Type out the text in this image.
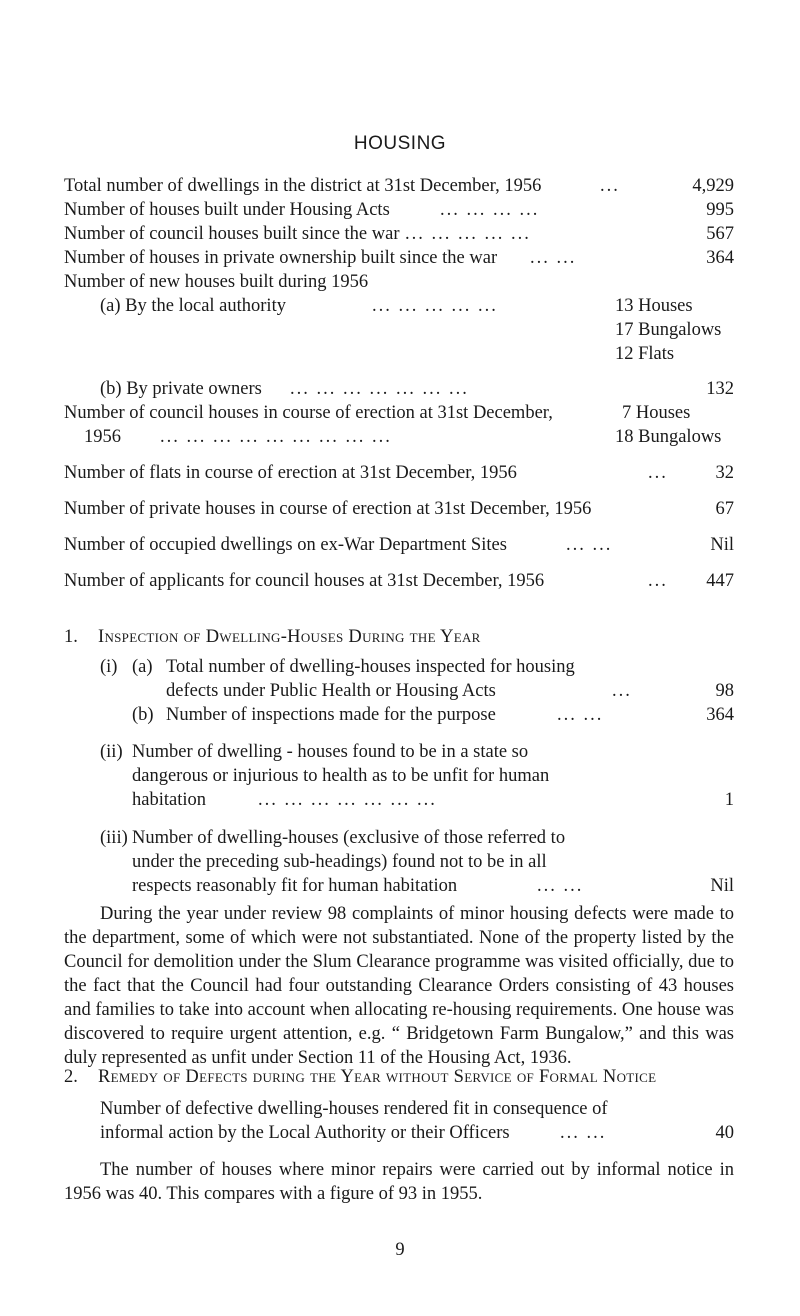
HOUSING
Total number of dwellings in the district at 31st December, 1956	...	4,929
Number of houses built under Housing Acts	... ... ... ...	995
Number of council houses built since the war ... ... ... ... ...	567
Number of houses in private ownership built since the war ... ...	364
Number of new houses built during 1956
(a) By the local authority	... ... ... ... ...	13 Houses
17 Bungalows
12 Flats
(b) By private owners ... ... ... ... ... ... ...	132
Number of council houses in course of erection at 31st December,	7 Houses
1956 ... ... ... ... ... ... ... ... ...	18 Bungalows
Number of flats in course of erection at 31st December, 1956	...	32
Number of private houses in course of erection at 31st December, 1956	67
Number of occupied dwellings on ex-War Department Sites	... ...	Nil
Number of applicants for council houses at 31st December, 1956	... 447
1. Inspection of Dwelling-Houses During the Year
(i) (a) Total number of dwelling-houses inspected for housing
defects under Public Health or Housing Acts	...	98
(b) Number of inspections made for the purpose	... ...	364
(ii) Number of dwelling - houses found to be in a state so
dangerous or injurious to health as to be unfit for human
habitation	... ... ... ... ... ... ...	1
(iii) Number of dwelling-houses (exclusive of those referred to
under the preceding sub-headings) found not to be in all
respects reasonably fit for human habitation	... ...	Nil
During the year under review 98 complaints of minor housing defects were made to the department, some of which were not substantiated. None of the property listed by the Council for demolition under the Slum Clearance programme was visited officially, due to the fact that the Council had four outstanding Clearance Orders consisting of 43 houses and families to take into account when allocating re-housing requirements. One house was discovered to require urgent attention, e.g. “ Bridgetown Farm Bungalow,” and this was duly represented as unfit under Section 11 of the Housing Act, 1936.
9
2. Remedy of Defects during the Year without Service of Formal Notice
Number of defective dwelling-houses rendered fit in consequence of
informal action by the Local Authority or their Officers	... ...	40
The number of houses where minor repairs were carried out by informal notice in 1956 was 40. This compares with a figure of 93 in 1955.
